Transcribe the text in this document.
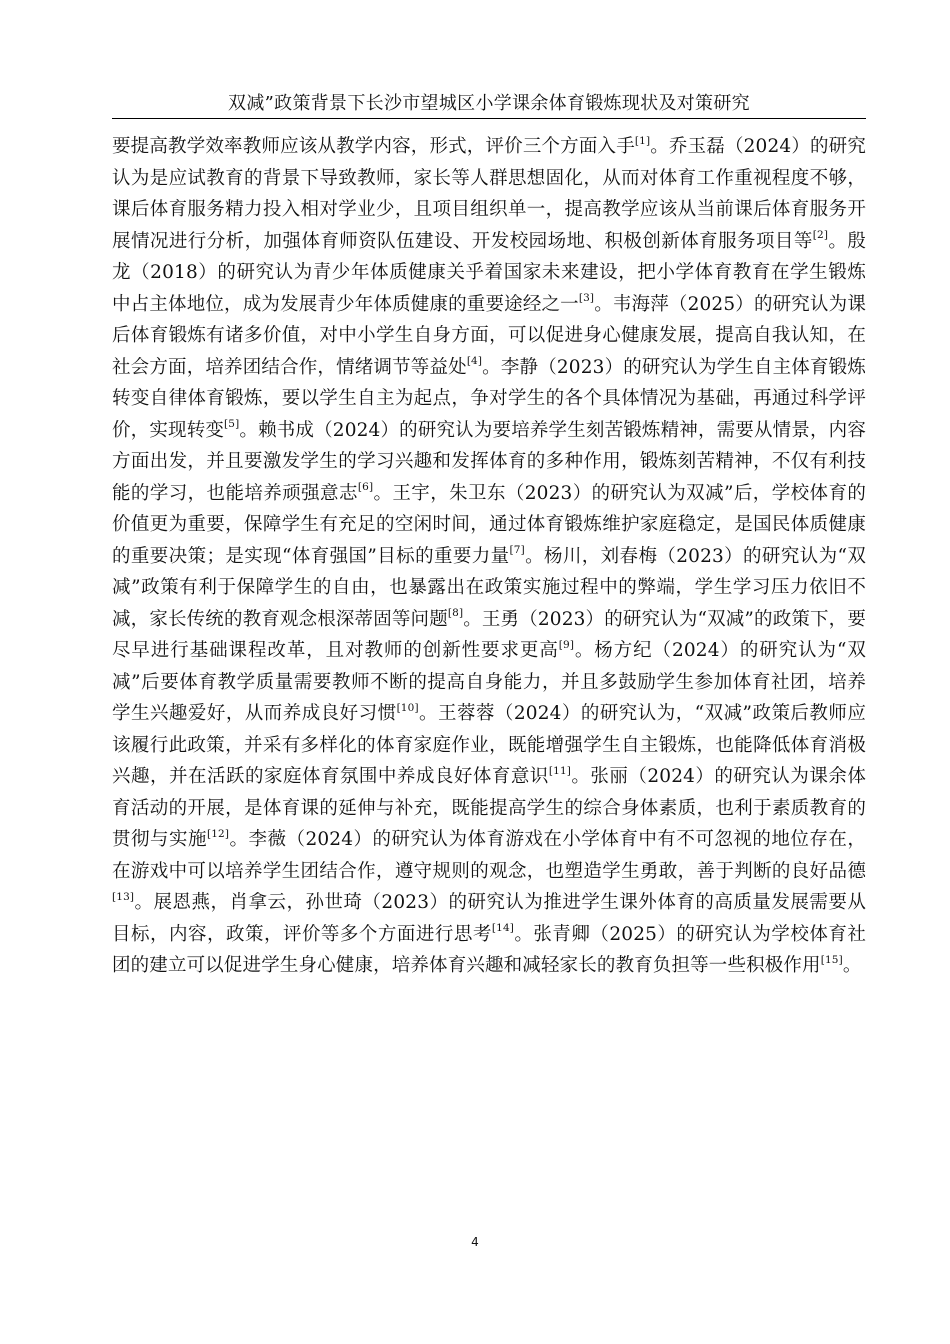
双减”政策背景下长沙市望城区小学课余体育锻炼现状及对策研究

要提高教学效率教师应该从教学内容，形式，评价三个方面入手[1]。乔玉磊（2024）的研究认为是应试教育的背景下导致教师，家长等人群思想固化，从而对体育工作重视程度不够，课后体育服务精力投入相对学业少，且项目组织单一，提高教学应该从当前课后体育服务开展情况进行分析，加强体育师资队伍建设、开发校园场地、积极创新体育服务项目等[2]。殷龙（2018）的研究认为青少年体质健康关乎着国家未来建设，把小学体育教育在学生锻炼中占主体地位，成为发展青少年体质健康的重要途经之一[3]。韦海萍（2025）的研究认为课后体育锻炼有诸多价值，对中小学生自身方面，可以促进身心健康发展，提高自我认知，在社会方面，培养团结合作，情绪调节等益处[4]。李静（2023）的研究认为学生自主体育锻炼转变自律体育锻炼，要以学生自主为起点，争对学生的各个具体情况为基础，再通过科学评价，实现转变[5]。赖书成（2024）的研究认为要培养学生刻苦锻炼精神，需要从情景，内容方面出发，并且要激发学生的学习兴趣和发挥体育的多种作用，锻炼刻苦精神，不仅有利技能的学习，也能培养顽强意志[6]。王宇，朱卫东（2023）的研究认为双减”后，学校体育的价值更为重要，保障学生有充足的空闲时间，通过体育锻炼维护家庭稳定，是国民体质健康的重要决策；是实现“体育强国”目标的重要力量[7]。杨川，刘春梅（2023）的研究认为“双减”政策有利于保障学生的自由，也暴露出在政策实施过程中的弊端，学生学习压力依旧不减，家长传统的教育观念根深蒂固等问题[8]。王勇（2023）的研究认为“双减”的政策下，要尽早进行基础课程改革，且对教师的创新性要求更高[9]。杨方纪（2024）的研究认为“双减”后要体育教学质量需要教师不断的提高自身能力，并且多鼓励学生参加体育社团，培养学生兴趣爱好，从而养成良好习惯[10]。王蓉蓉（2024）的研究认为，“双减”政策后教师应该履行此政策，并采有多样化的体育家庭作业，既能增强学生自主锻炼，也能降低体育消极兴趣，并在活跃的家庭体育氛围中养成良好体育意识[11]。张丽（2024）的研究认为课余体育活动的开展，是体育课的延伸与补充，既能提高学生的综合身体素质，也利于素质教育的贯彻与实施[12]。李薇（2024）的研究认为体育游戏在小学体育中有不可忽视的地位存在，在游戏中可以培养学生团结合作，遵守规则的观念，也塑造学生勇敢，善于判断的良好品德[13]。展恩燕，肖拿云，孙世琦（2023）的研究认为推进学生课外体育的高质量发展需要从目标，内容，政策，评价等多个方面进行思考[14]。张青卿（2025）的研究认为学校体育社团的建立可以促进学生身心健康，培养体育兴趣和减轻家长的教育负担等一些积极作用[15]。

4
